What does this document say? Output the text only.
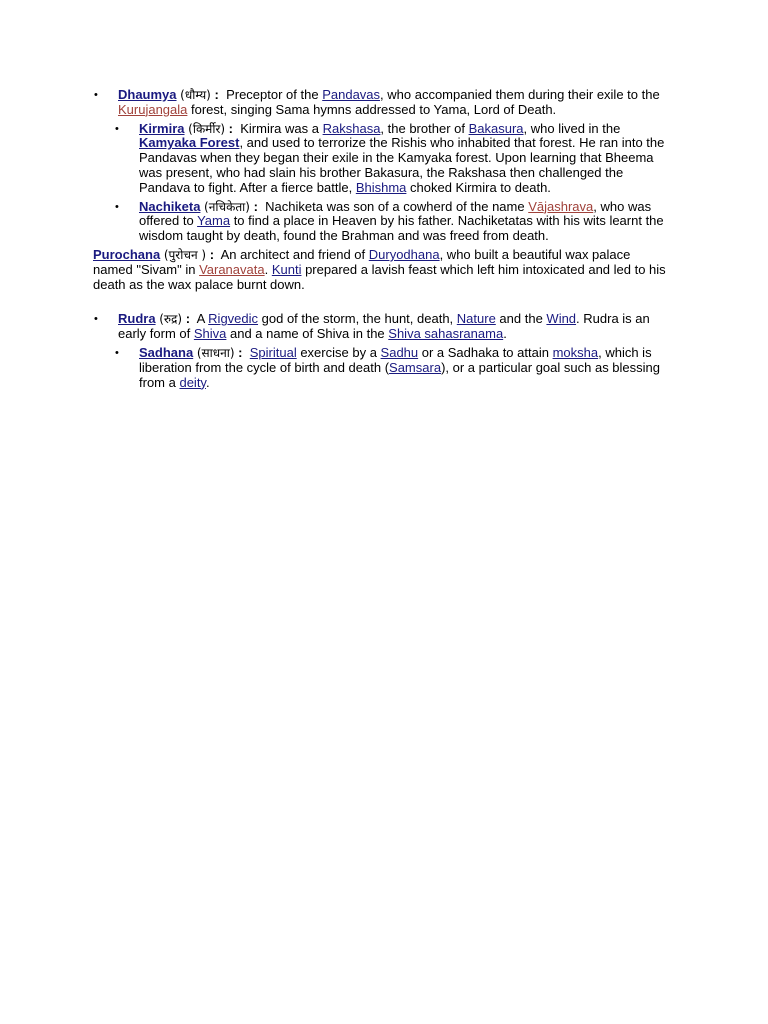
• Dhaumya (धौम्य) : Preceptor of the Pandavas, who accompanied them during their exile to the Kurujangala forest, singing Sama hymns addressed to Yama, Lord of Death.
• Kirmira (किर्मीर) : Kirmira was a Rakshasa, the brother of Bakasura, who lived in the Kamyaka Forest, and used to terrorize the Rishis who inhabited that forest. He ran into the Pandavas when they began their exile in the Kamyaka forest. Upon learning that Bheema was present, who had slain his brother Bakasura, the Rakshasa then challenged the Pandava to fight. After a fierce battle, Bhishma choked Kirmira to death.
• Nachiketa (नचिकेता) : Nachiketa was son of a cowherd of the name Vājashrava, who was offered to Yama to find a place in Heaven by his father. Nachiketatas with his wits learnt the wisdom taught by death, found the Brahman and was freed from death.
Purochana (पुरोचन ) : An architect and friend of Duryodhana, who built a beautiful wax palace named "Sivam" in Varanavata. Kunti prepared a lavish feast which left him intoxicated and led to his death as the wax palace burnt down.
• Rudra (रुद्र) : A Rigvedic god of the storm, the hunt, death, Nature and the Wind. Rudra is an early form of Shiva and a name of Shiva in the Shiva sahasranama.
• Sadhana (साधना) : Spiritual exercise by a Sadhu or a Sadhaka to attain moksha, which is liberation from the cycle of birth and death (Samsara), or a particular goal such as blessing from a deity.
